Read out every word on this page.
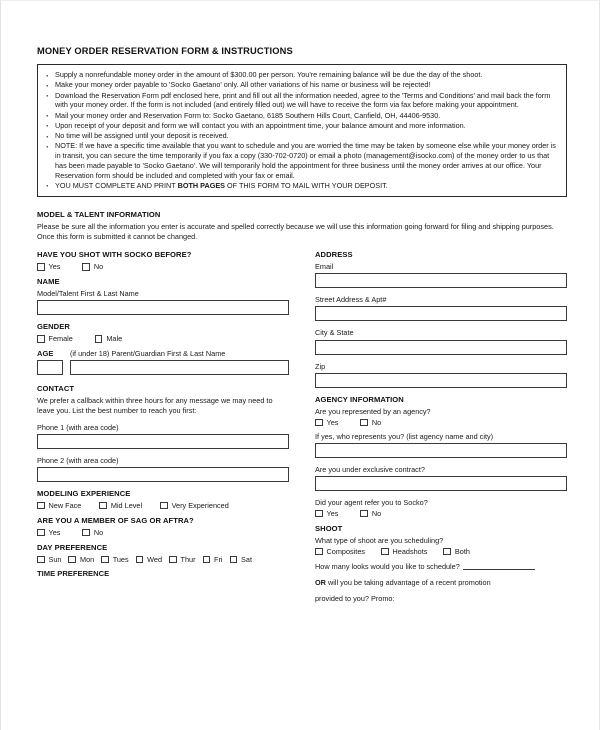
MONEY ORDER RESERVATION FORM & INSTRUCTIONS
· Supply a nonrefundable money order in the amount of $300.00 per person. You're remaining balance will be due the day of the shoot.
· Make your money order payable to 'Socko Gaetano' only. All other variations of his name or business will be rejected!
· Download the Reservation Form pdf enclosed here, print and fill out all the information needed, agree to the 'Terms and Conditions' and mail back the form with your money order. If the form is not included (and entirely filled out) we will have to receive the form via fax before making your appointment.
· Mail your money order and Reservation Form to: Socko Gaetano, 6185 Southern Hills Court, Canfield, OH, 44406-9530.
· Upon receipt of your deposit and form we will contact you with an appointment time, your balance amount and more information.
· No time will be assigned until your deposit is received.
· NOTE: If we have a specific time available that you want to schedule and you are worried the time may be taken by someone else while your money order is in transit, you can secure the time temporarily if you fax a copy (330-702-0720) or email a photo (management@isocko.com) of the money order to us that has been made payable to 'Socko Gaetano'. We will temporarily hold the appointment for three business until the money order arrives at our office. Your Reservation form should be included and completed with your fax or email.
· YOU MUST COMPLETE AND PRINT BOTH PAGES OF THIS FORM TO MAIL WITH YOUR DEPOSIT.
MODEL & TALENT INFORMATION
Please be sure all the information you enter is accurate and spelled correctly because we will use this information going forward for filing and shipping purposes. Once this form is submitted it cannot be changed.
HAVE YOU SHOT WITH SOCKO BEFORE?
Yes	No
NAME
Model/Talent First & Last Name
GENDER
Female	Male
AGE	(if under 18) Parent/Guardian First & Last Name
CONTACT
We prefer a callback within three hours for any message we may need to leave you. List the best number to reach you first:
Phone 1 (with area code)
Phone 2 (with area code)
MODELING EXPERIENCE
New Face	Mid Level	Very Experienced
ARE YOU A MEMBER OF SAG OR AFTRA?
Yes	No
DAY PREFERENCE
Sun	Mon	Tues	Wed	Thur	Fri	Sat
TIME PREFERENCE
ADDRESS
Email
Street Address & Apt#
City & State
Zip
AGENCY INFORMATION
Are you represented by an agency?
Yes	No
If yes, who represents you? (list agency name and city)
Are you under exclusive contract?
Did your agent refer you to Socko?
Yes	No
SHOOT
What type of shoot are you scheduling?
Composites	Headshots	Both
How many looks would you like to schedule?
OR will you be taking advantage of a recent promotion
provided to you? Promo:
